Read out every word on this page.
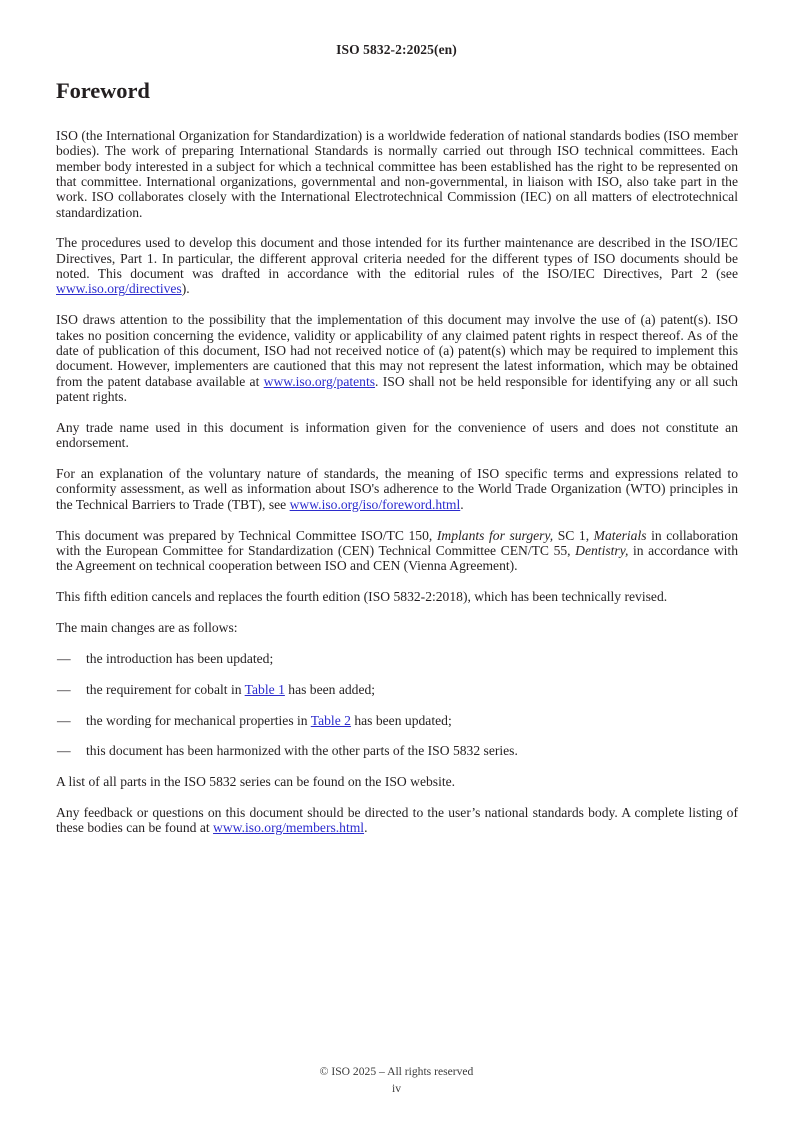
ISO 5832-2:2025(en)
Foreword

ISO (the International Organization for Standardization) is a worldwide federation of national standards bodies (ISO member bodies). The work of preparing International Standards is normally carried out through ISO technical committees. Each member body interested in a subject for which a technical committee has been established has the right to be represented on that committee. International organizations, governmental and non-governmental, in liaison with ISO, also take part in the work. ISO collaborates closely with the International Electrotechnical Commission (IEC) on all matters of electrotechnical standardization.

The procedures used to develop this document and those intended for its further maintenance are described in the ISO/IEC Directives, Part 1. In particular, the different approval criteria needed for the different types of ISO documents should be noted. This document was drafted in accordance with the editorial rules of the ISO/IEC Directives, Part 2 (see www.iso.org/directives).

ISO draws attention to the possibility that the implementation of this document may involve the use of (a) patent(s). ISO takes no position concerning the evidence, validity or applicability of any claimed patent rights in respect thereof. As of the date of publication of this document, ISO had not received notice of (a) patent(s) which may be required to implement this document. However, implementers are cautioned that this may not represent the latest information, which may be obtained from the patent database available at www.iso.org/patents. ISO shall not be held responsible for identifying any or all such patent rights.

Any trade name used in this document is information given for the convenience of users and does not constitute an endorsement.

For an explanation of the voluntary nature of standards, the meaning of ISO specific terms and expressions related to conformity assessment, as well as information about ISO's adherence to the World Trade Organization (WTO) principles in the Technical Barriers to Trade (TBT), see www.iso.org/iso/foreword.html.

This document was prepared by Technical Committee ISO/TC 150, Implants for surgery, SC 1, Materials in collaboration with the European Committee for Standardization (CEN) Technical Committee CEN/TC 55, Dentistry, in accordance with the Agreement on technical cooperation between ISO and CEN (Vienna Agreement).

This fifth edition cancels and replaces the fourth edition (ISO 5832-2:2018), which has been technically revised.

The main changes are as follows:

— the introduction has been updated;
— the requirement for cobalt in Table 1 has been added;
— the wording for mechanical properties in Table 2 has been updated;
— this document has been harmonized with the other parts of the ISO 5832 series.

A list of all parts in the ISO 5832 series can be found on the ISO website.

Any feedback or questions on this document should be directed to the user’s national standards body. A complete listing of these bodies can be found at www.iso.org/members.html.

© ISO 2025 – All rights reserved
iv
